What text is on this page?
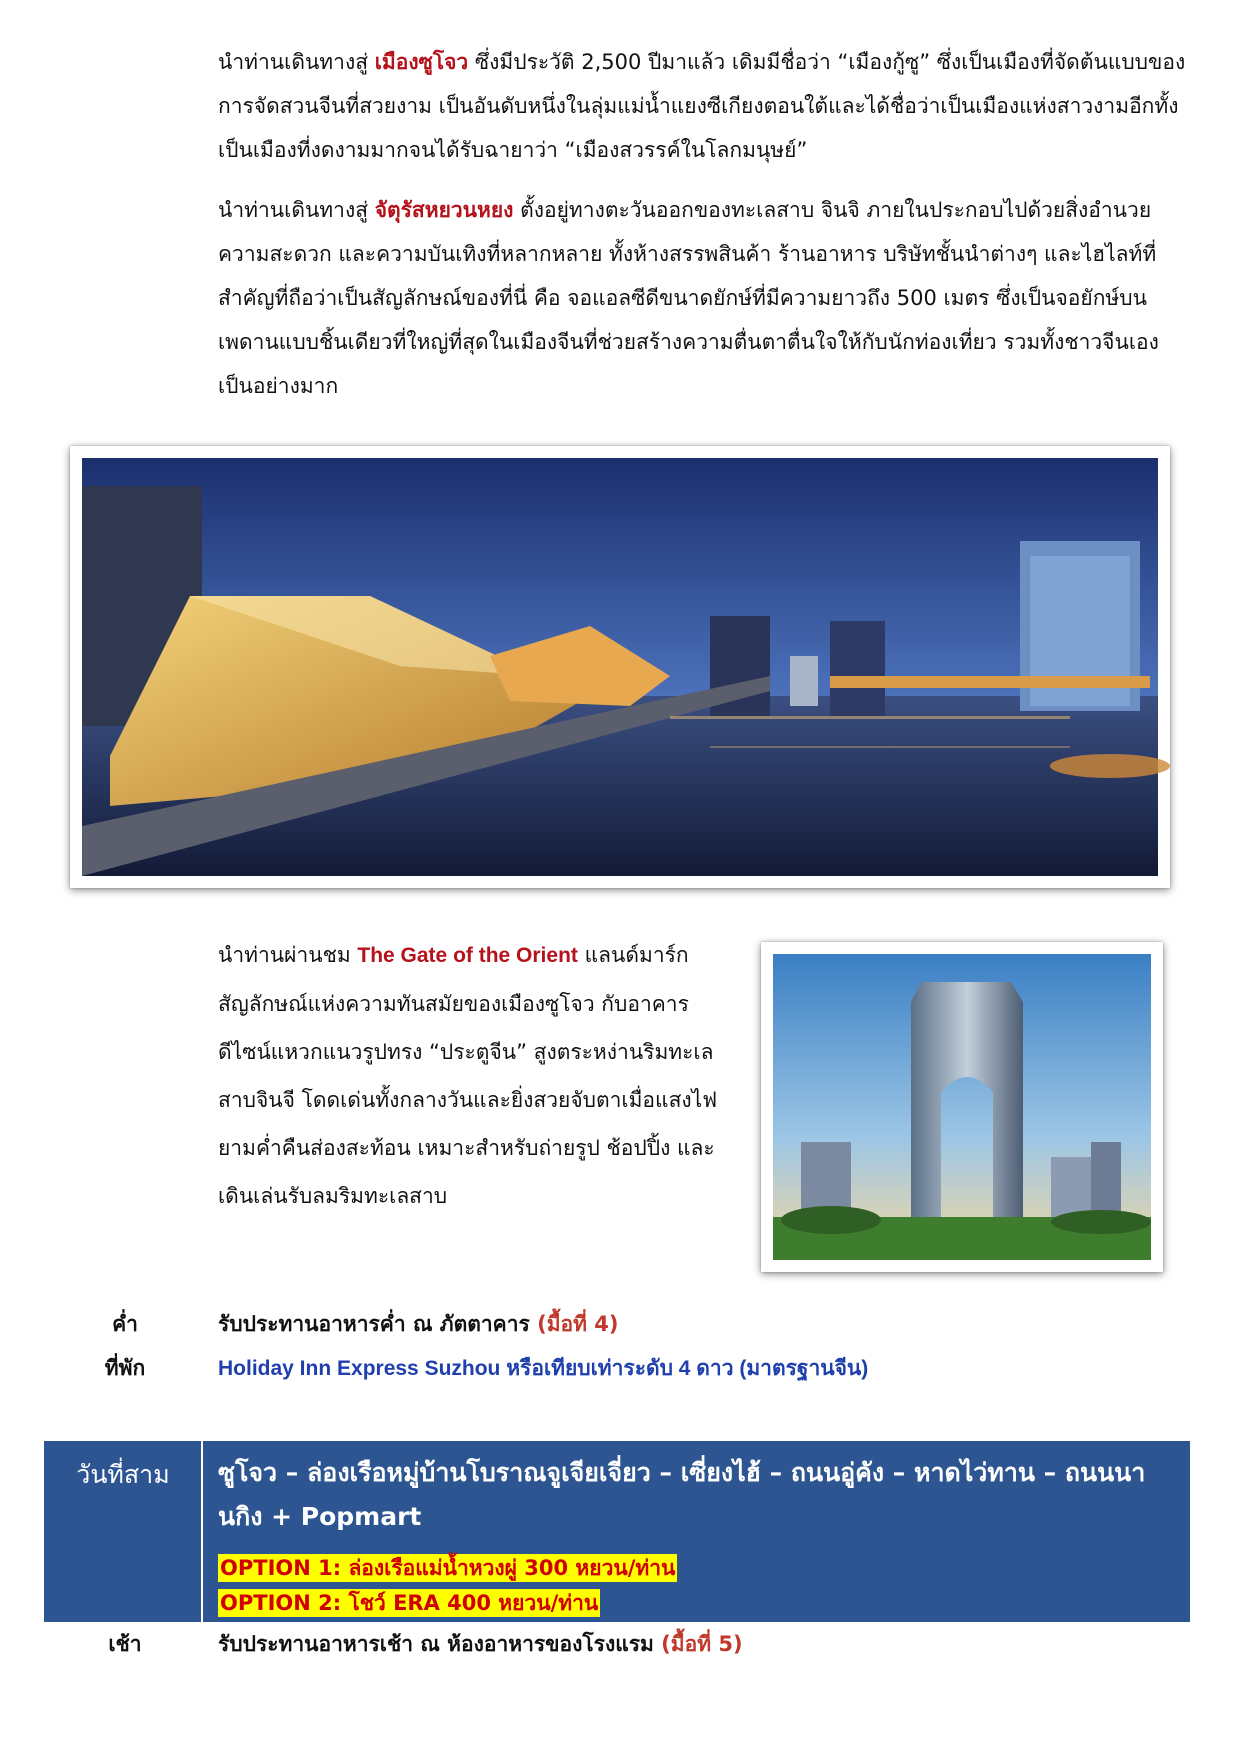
นำท่านเดินทางสู่ เมืองซูโจว ซึ่งมีประวัติ 2,500 ปีมาแล้ว เดิมมีชื่อว่า “เมืองกู้ซู” ซึ่งเป็นเมืองที่จัดต้นแบบของการจัดสวนจีนที่สวยงาม เป็นอันดับหนึ่งในลุ่มแม่น้ำแยงซีเกียงตอนใต้และได้ชื่อว่าเป็นเมืองแห่งสาวงามอีกทั้งเป็นเมืองที่งดงามมากจนได้รับฉายาว่า “เมืองสวรรค์ในโลกมนุษย์”

นำท่านเดินทางสู่ จัตุรัสหยวนหยง ตั้งอยู่ทางตะวันออกของทะเลสาบ จินจิ ภายในประกอบไปด้วยสิ่งอำนวยความสะดวก และความบันเทิงที่หลากหลาย ทั้งห้างสรรพสินค้า ร้านอาหาร บริษัทชั้นนำต่างๆ และไฮไลท์ที่สำคัญที่ถือว่าเป็นสัญลักษณ์ของที่นี่ คือ จอแอลซีดีขนาดยักษ์ที่มีความยาวถึง 500 เมตร ซึ่งเป็นจอยักษ์บนเพดานแบบชิ้นเดียวที่ใหญ่ที่สุดในเมืองจีนที่ช่วยสร้างความตื่นตาตื่นใจให้กับนักท่องเที่ยว รวมทั้งชาวจีนเองเป็นอย่างมาก

นำท่านผ่านชม The Gate of the Orient แลนด์มาร์กสัญลักษณ์แห่งความทันสมัยของเมืองซูโจว กับอาคารดีไซน์แหวกแนวรูปทรง “ประตูจีน” สูงตระหง่านริมทะเลสาบจินจี โดดเด่นทั้งกลางวันและยิ่งสวยจับตาเมื่อแสงไฟยามค่ำคืนส่องสะท้อน เหมาะสำหรับถ่ายรูป ช้อปปิ้ง และเดินเล่นรับลมริมทะเลสาบ

ค่ำ	รับประทานอาหารค่ำ ณ ภัตตาคาร (มื้อที่ 4)
ที่พัก	Holiday Inn Express Suzhou หรือเทียบเท่าระดับ 4 ดาว (มาตรฐานจีน)
วันที่สาม	ซูโจว – ล่องเรือหมู่บ้านโบราณจูเจียเจี่ยว – เซี่ยงไฮ้ – ถนนอู่คัง – หาดไว่ทาน – ถนนนานกิง + Popmart
OPTION 1: ล่องเรือแม่น้ำหวงผู่ 300 หยวน/ท่าน
OPTION 2: โชว์ ERA 400 หยวน/ท่าน
เช้า	รับประทานอาหารเช้า ณ ห้องอาหารของโรงแรม (มื้อที่ 5)
